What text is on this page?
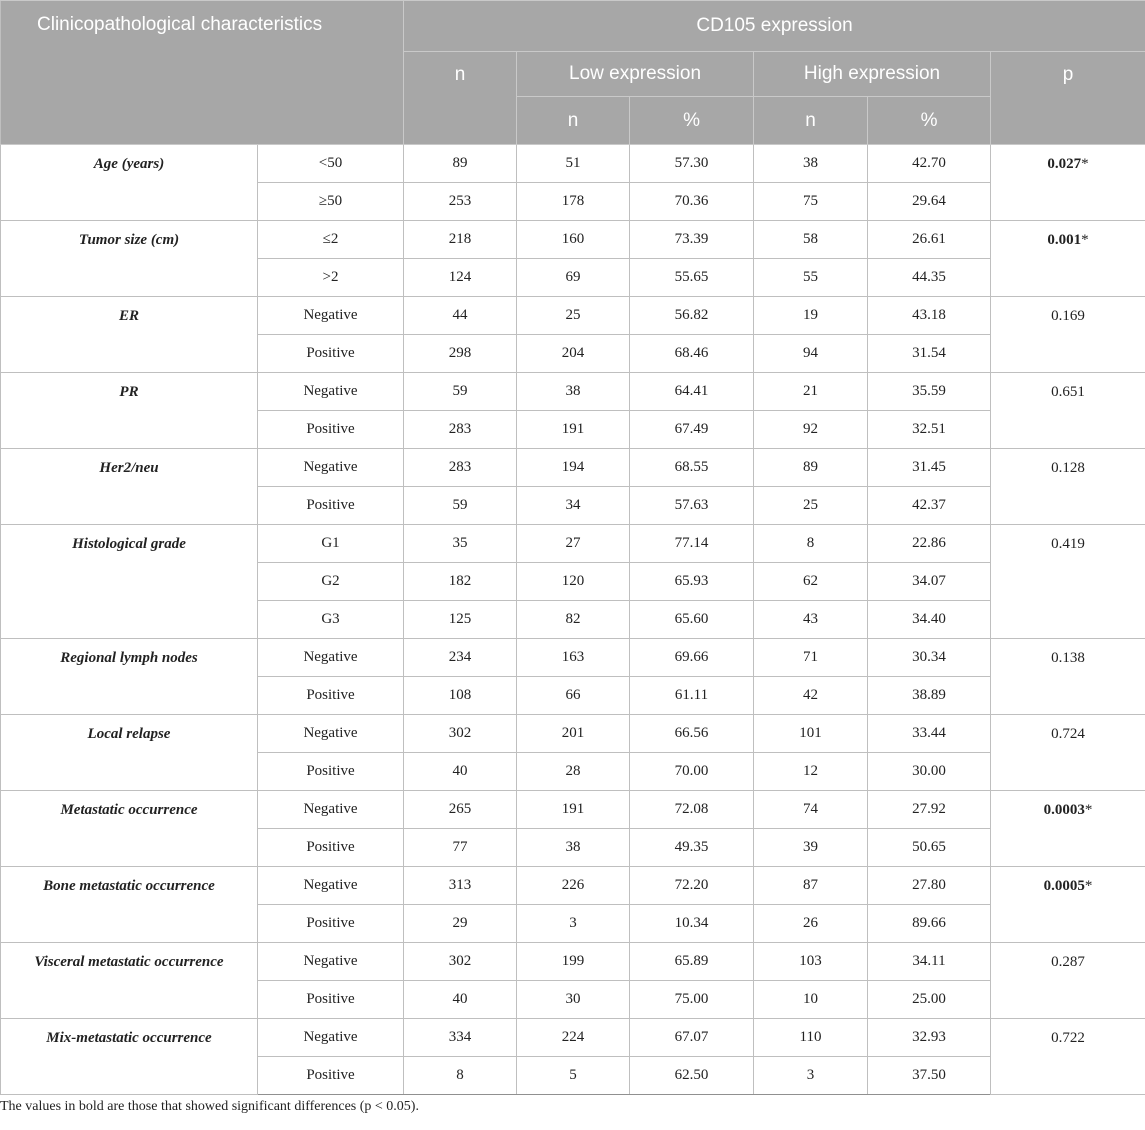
Clinicopathological characteristics		CD105 expression					
		n	Low expression		High expression		p
			n	%	n	%	
Age (years)	<50	89	51	57.30	38	42.70	0.027*
	≥50	253	178	70.36	75	29.64	
Tumor size (cm)	≤2	218	160	73.39	58	26.61	0.001*
	>2	124	69	55.65	55	44.35	
ER	Negative	44	25	56.82	19	43.18	0.169
	Positive	298	204	68.46	94	31.54	
PR	Negative	59	38	64.41	21	35.59	0.651
	Positive	283	191	67.49	92	32.51	
Her2/neu	Negative	283	194	68.55	89	31.45	0.128
	Positive	59	34	57.63	25	42.37	
Histological grade	G1	35	27	77.14	8	22.86	0.419
	G2	182	120	65.93	62	34.07	
	G3	125	82	65.60	43	34.40	
Regional lymph nodes	Negative	234	163	69.66	71	30.34	0.138
	Positive	108	66	61.11	42	38.89	
Local relapse	Negative	302	201	66.56	101	33.44	0.724
	Positive	40	28	70.00	12	30.00	
Metastatic occurrence	Negative	265	191	72.08	74	27.92	0.0003*
	Positive	77	38	49.35	39	50.65	
Bone metastatic occurrence	Negative	313	226	72.20	87	27.80	0.0005*
	Positive	29	3	10.34	26	89.66	
Visceral metastatic occurrence	Negative	302	199	65.89	103	34.11	0.287
	Positive	40	30	75.00	10	25.00	
Mix-metastatic occurrence	Negative	334	224	67.07	110	32.93	0.722
	Positive	8	5	62.50	3	37.50	

The values in bold are those that showed significant differences (p < 0.05).
